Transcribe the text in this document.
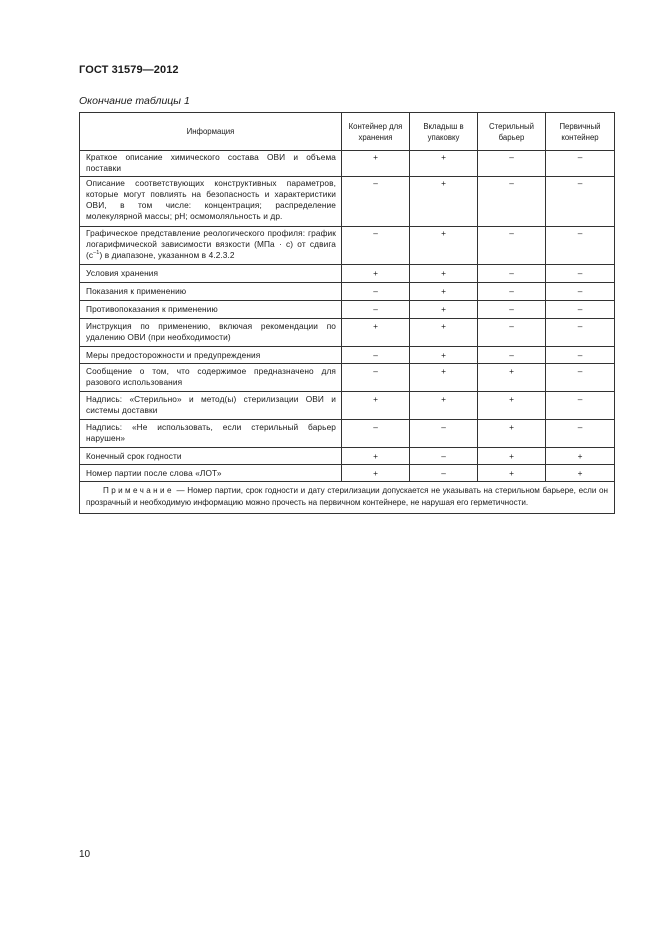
ГОСТ 31579—2012
Окончание таблицы 1
Информация	Контейнер для хранения	Вкладыш в упаковку	Стерильный барьер	Первичный контейнер
Краткое описание химического состава ОВИ и объема поставки	+	+	–	–
Описание соответствующих конструктивных параметров, которые могут повлиять на безопасность и характеристики ОВИ, в том числе: концентрация; распределение молекулярной массы; pH; осмомоляльность и др.	–	+	–	–
Графическое представление реологического профиля: график логарифмической зависимости вязкости (МПа · с) от сдвига $(с^{-1})$ в диапазоне, указанном в 4.2.3.2	–	+	–	–
Условия хранения	+	+	–	–
Показания к применению	–	+	–	–
Противопоказания к применению	–	+	–	–
Инструкция по применению, включая рекомендации по удалению ОВИ (при необходимости)	+	+	–	–
Меры предосторожности и предупреждения	–	+	–	–
Сообщение о том, что содержимое предназначено для разового использования	–	+	+	–
Надпись: «Стерильно» и метод(ы) стерилизации ОВИ и системы доставки	+	+	+	–
Надпись: «Не использовать, если стерильный барьер нарушен»	–	–	+	–
Конечный срок годности	+	–	+	+
Номер партии после слова «ЛОТ»	+	–	+	+
Примечание — Номер партии, срок годности и дату стерилизации допускается не указывать на стерильном барьере, если он прозрачный и необходимую информацию можно прочесть на первичном контейнере, не нарушая его герметичности.				
10
